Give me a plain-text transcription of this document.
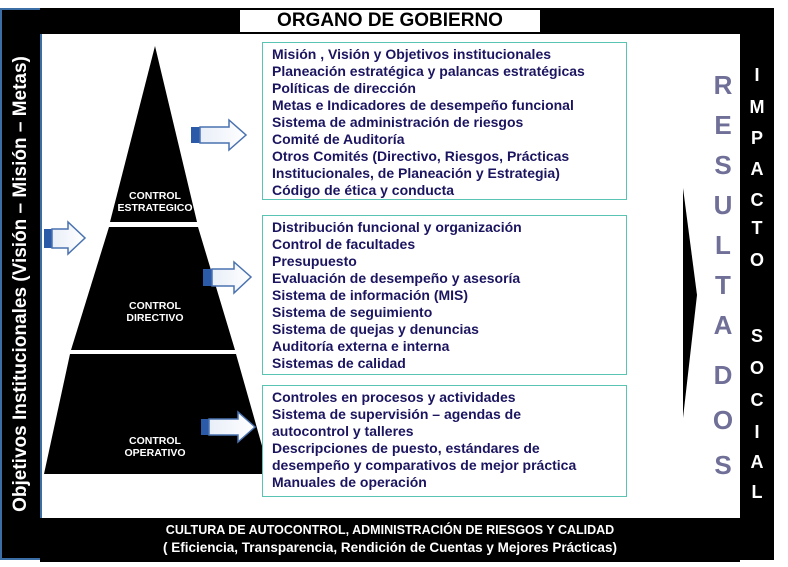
Objetivos Institucionales (Visión – Misión – Metas)
ORGANO DE GOBIERNO
CULTURA DE AUTOCONTROL, ADMINISTRACIÓN DE RIESGOS Y CALIDAD
( Eficiencia, Transparencia, Rendición de Cuentas y Mejores Prácticas)
CONTROL
ESTRATEGICO
CONTROL
DIRECTIVO
CONTROL
OPERATIVO
Misión , Visión y Objetivos institucionales
Planeación estratégica y palancas estratégicas
Políticas de dirección
Metas e Indicadores de desempeño funcional
Sistema de administración de riesgos
Comité de Auditoría
Otros Comités (Directivo, Riesgos, Prácticas
Institucionales, de Planeación y Estrategia)
Código de ética y conducta
Distribución funcional y organización
Control de facultades
Presupuesto
Evaluación de desempeño y asesoría
Sistema de información (MIS)
Sistema de seguimiento
Sistema de quejas y denuncias
Auditoría externa e interna
Sistemas de calidad
Controles en procesos y actividades
Sistema de supervisión – agendas de
autocontrol y talleres
Descripciones de puesto, estándares de
desempeño y comparativos de mejor práctica
Manuales de operación
R
E
S
U
L
T
A
D
O
S
I
M
P
A
C
T
O
S
O
C
I
A
L
